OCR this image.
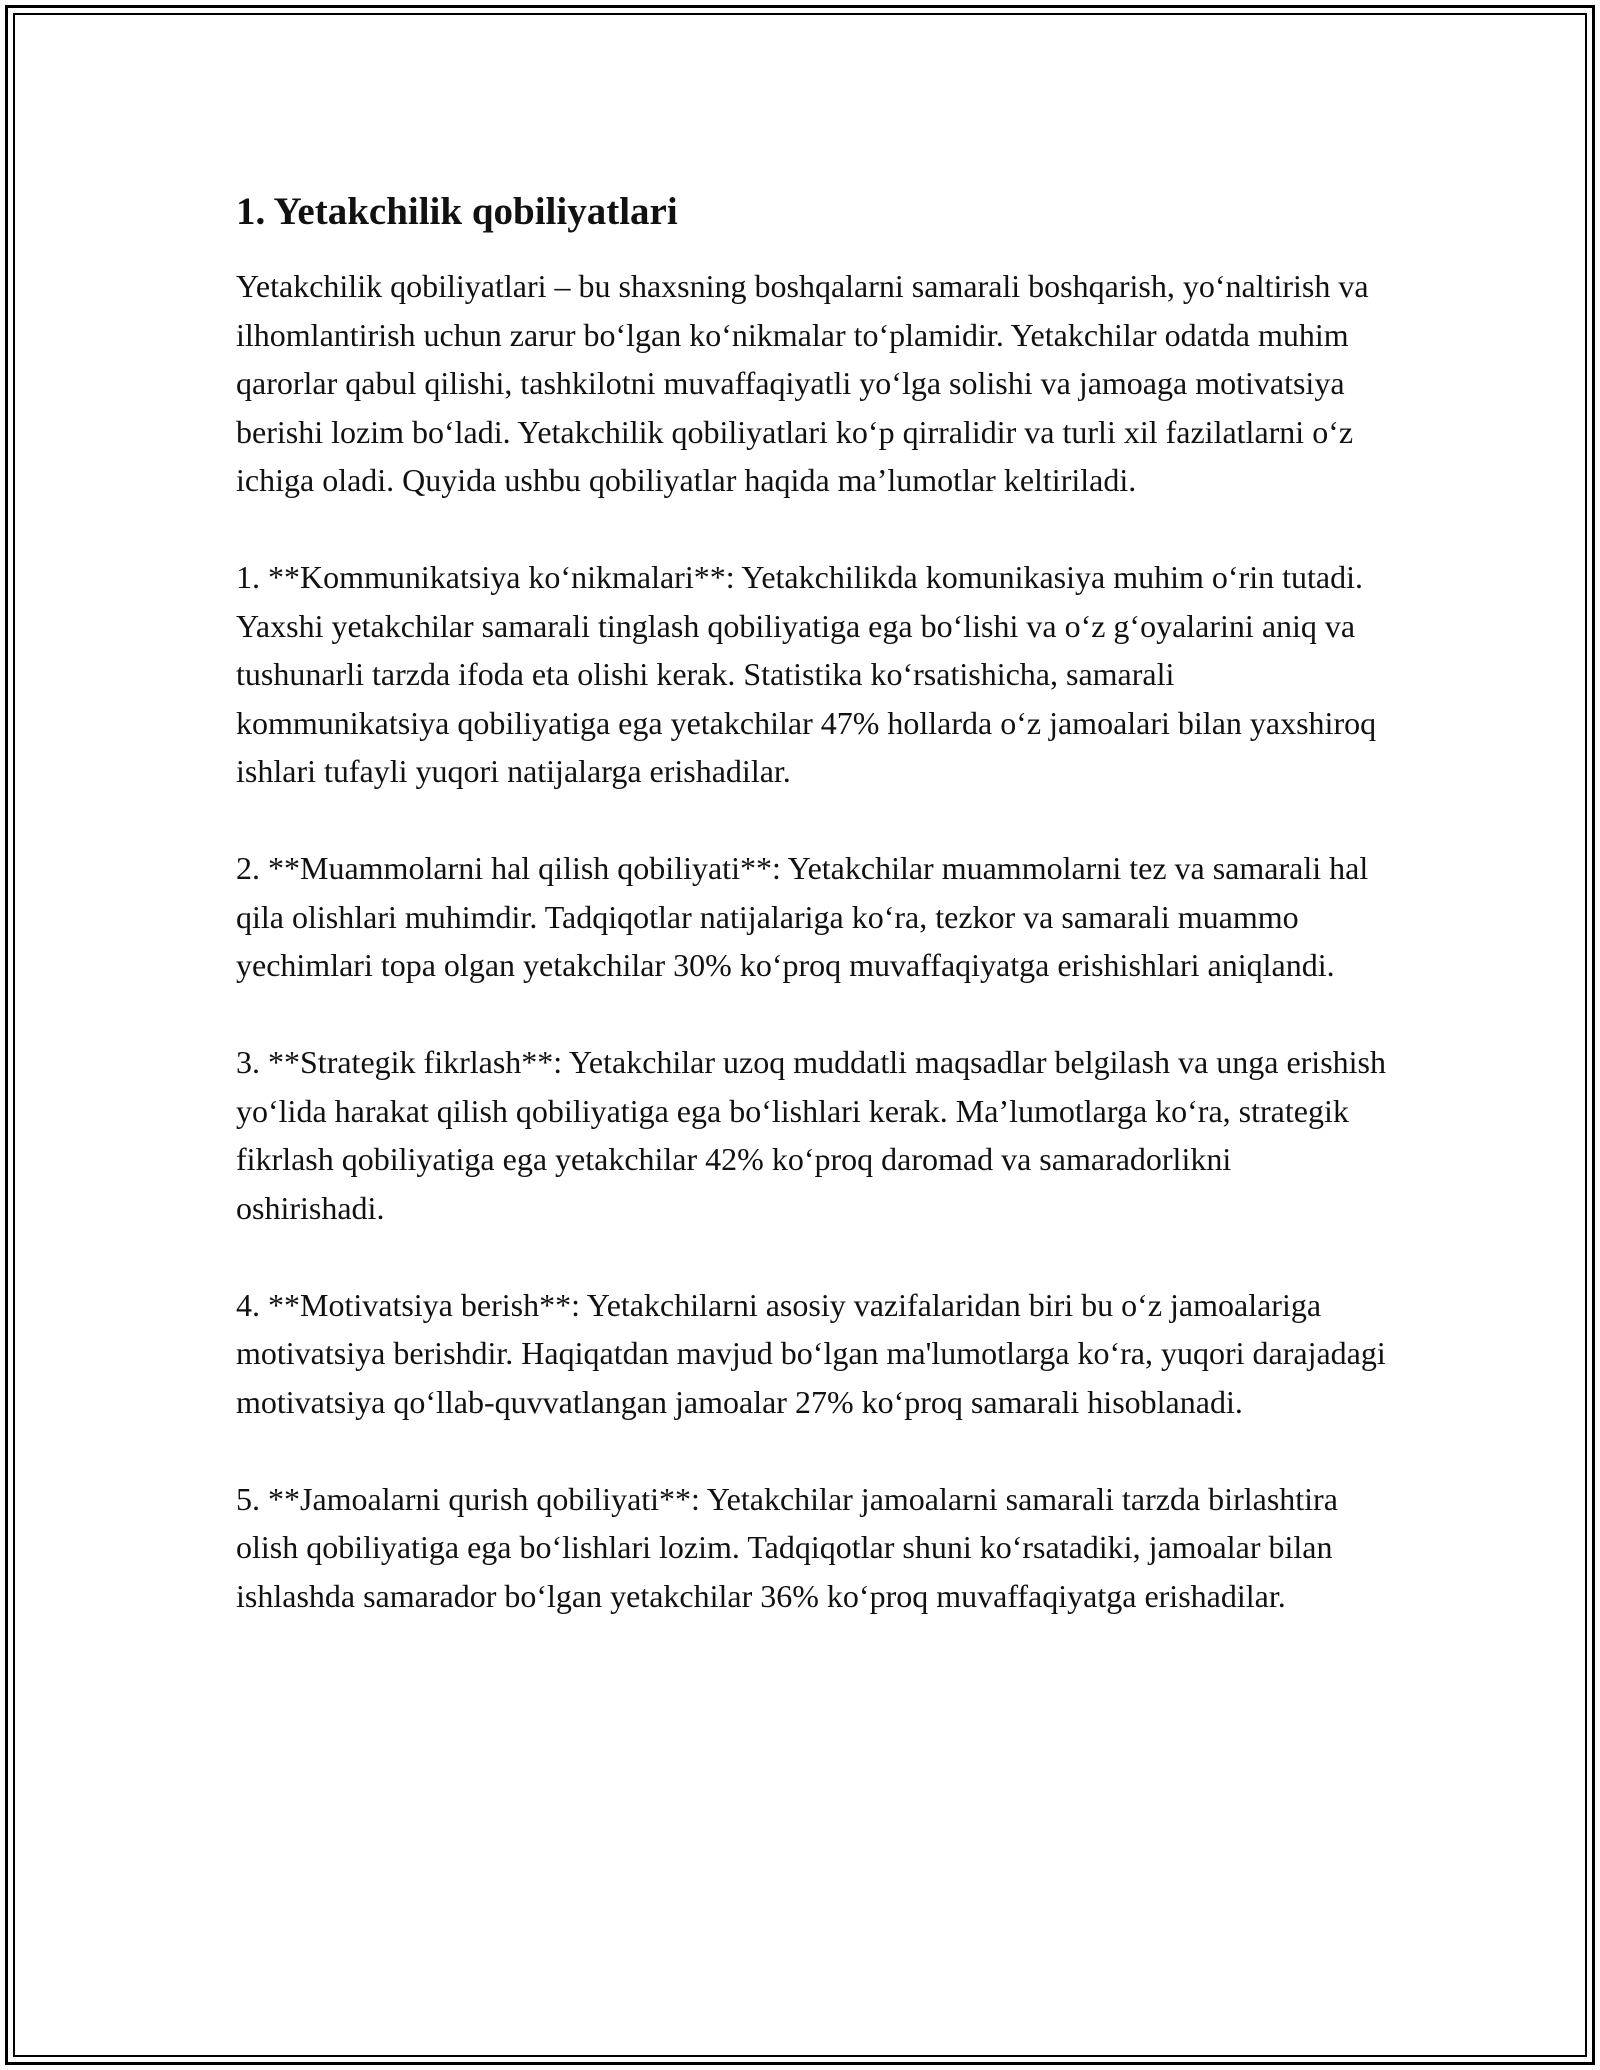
1. Yetakchilik qobiliyatlari

Yetakchilik qobiliyatlari – bu shaxsning boshqalarni samarali boshqarish, yo‘naltirish va ilhomlantirish uchun zarur bo‘lgan ko‘nikmalar to‘plamidir. Yetakchilar odatda muhim qarorlar qabul qilishi, tashkilotni muvaffaqiyatli yo‘lga solishi va jamoaga motivatsiya berishi lozim bo‘ladi. Yetakchilik qobiliyatlari ko‘p qirralidir va turli xil fazilatlarni o‘z ichiga oladi. Quyida ushbu qobiliyatlar haqida ma’lumotlar keltiriladi.

1. **Kommunikatsiya ko‘nikmalari**: Yetakchilikda komunikasiya muhim o‘rin tutadi. Yaxshi yetakchilar samarali tinglash qobiliyatiga ega bo‘lishi va o‘z g‘oyalarini aniq va tushunarli tarzda ifoda eta olishi kerak. Statistika ko‘rsatishicha, samarali kommunikatsiya qobiliyatiga ega yetakchilar 47% hollarda o‘z jamoalari bilan yaxshiroq ishlari tufayli yuqori natijalarga erishadilar.

2. **Muammolarni hal qilish qobiliyati**: Yetakchilar muammolarni tez va samarali hal qila olishlari muhimdir. Tadqiqotlar natijalariga ko‘ra, tezkor va samarali muammo yechimlari topa olgan yetakchilar 30% ko‘proq muvaffaqiyatga erishishlari aniqlandi.

3. **Strategik fikrlash**: Yetakchilar uzoq muddatli maqsadlar belgilash va unga erishish yo‘lida harakat qilish qobiliyatiga ega bo‘lishlari kerak. Ma’lumotlarga ko‘ra, strategik fikrlash qobiliyatiga ega yetakchilar 42% ko‘proq daromad va samaradorlikni oshirishadi.

4. **Motivatsiya berish**: Yetakchilarni asosiy vazifalaridan biri bu o‘z jamoalariga motivatsiya berishdir. Haqiqatdan mavjud bo‘lgan ma'lumotlarga ko‘ra, yuqori darajadagi motivatsiya qo‘llab-quvvatlangan jamoalar 27% ko‘proq samarali hisoblanadi.

5. **Jamoalarni qurish qobiliyati**: Yetakchilar jamoalarni samarali tarzda birlashtira olish qobiliyatiga ega bo‘lishlari lozim. Tadqiqotlar shuni ko‘rsatadiki, jamoalar bilan ishlashda samarador bo‘lgan yetakchilar 36% ko‘proq muvaffaqiyatga erishadilar.
